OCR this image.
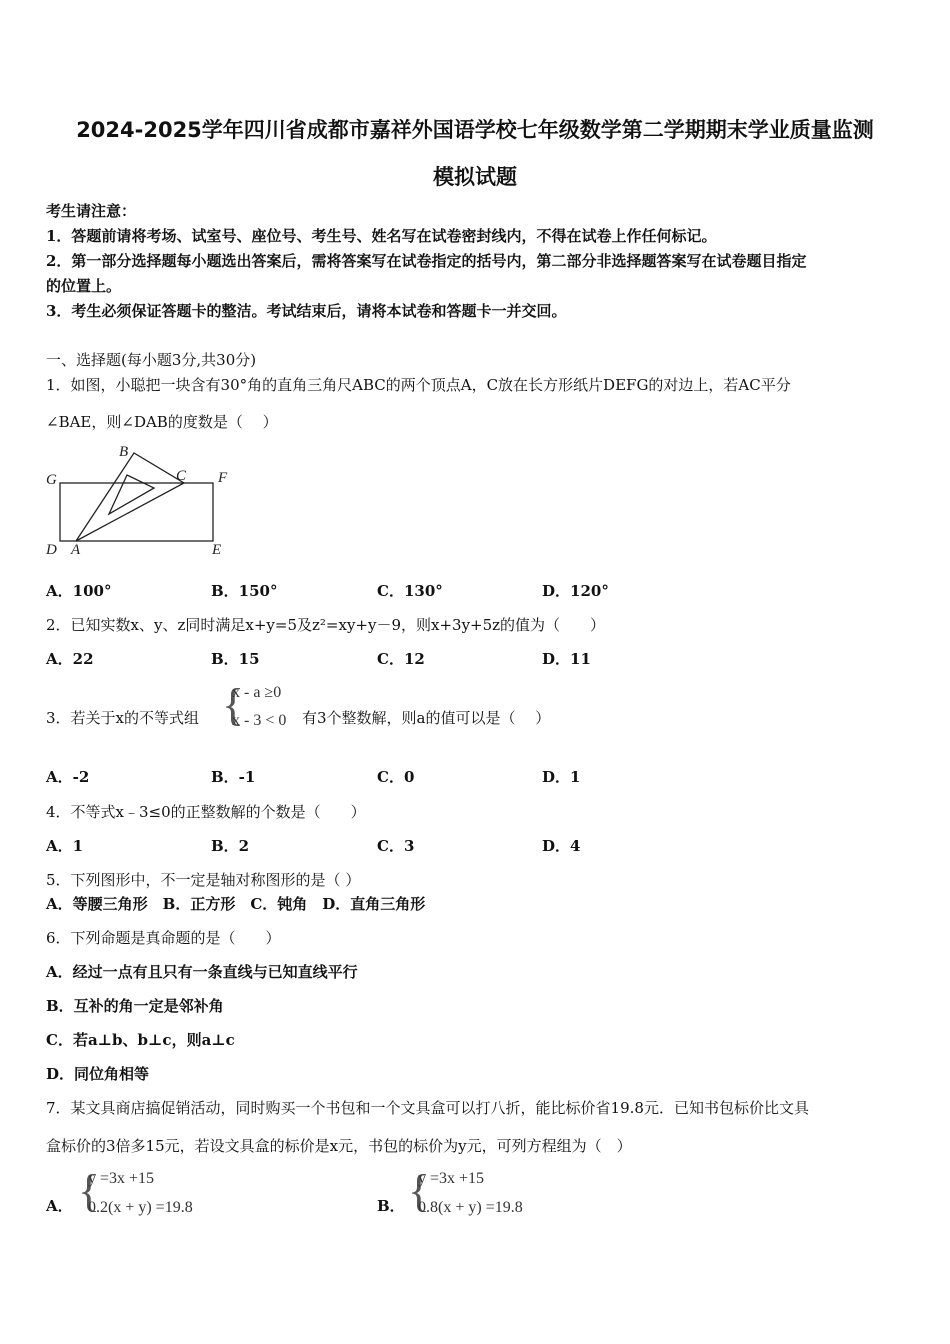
2024-2025学年四川省成都市嘉祥外国语学校七年级数学第二学期期末学业质量监测
模拟试题
考生请注意：
1．答题前请将考场、试室号、座位号、考生号、姓名写在试卷密封线内，不得在试卷上作任何标记。
2．第一部分选择题每小题选出答案后，需将答案写在试卷指定的括号内，第二部分非选择题答案写在试卷题目指定
的位置上。
3．考生必须保证答题卡的整洁。考试结束后，请将本试卷和答题卡一并交回。
一、选择题(每小题3分,共30分)
1．如图，小聪把一块含有30°角的直角三角尺ABC的两个顶点A，C放在长方形纸片DEFG的对边上，若AC平分
∠BAE，则∠DAB的度数是（　 ）
B
C F
G
D A	E
A．100°	B．150°	C．130°	D．120°
2．已知实数x、y、z同时满足x+y=5及z²=xy+y－9，则x+3y+5z的值为（　　）
A．22	B．15	C．12	D．11
3．若关于x的不等式组 {
x - a ≥0
x - 3 < 0 有3个整数解，则a的值可以是（　 ）
A．-2	B．-1	C．0	D．1
4．不等式x﹣3≤0的正整数解的个数是（　　）
A．1	B．2	C．3	D．4
5．下列图形中，不一定是轴对称图形的是（ ）
A．等腰三角形　B．正方形　C．钝角　D．直角三角形
6．下列命题是真命题的是（　　）
A．经过一点有且只有一条直线与已知直线平行
B．互补的角一定是邻补角
C．若a⊥b、b⊥c，则a⊥c
D．同位角相等
7．某文具商店搞促销活动，同时购买一个书包和一个文具盒可以打八折，能比标价省19.8元．已知书包标价比文具
盒标价的3倍多15元，若设文具盒的标价是x元，书包的标价为y元，可列方程组为（　）
A． {
y =3x +15
0.2(x + y) =19.8	B． {
y =3x +15
0.8(x + y) =19.8
